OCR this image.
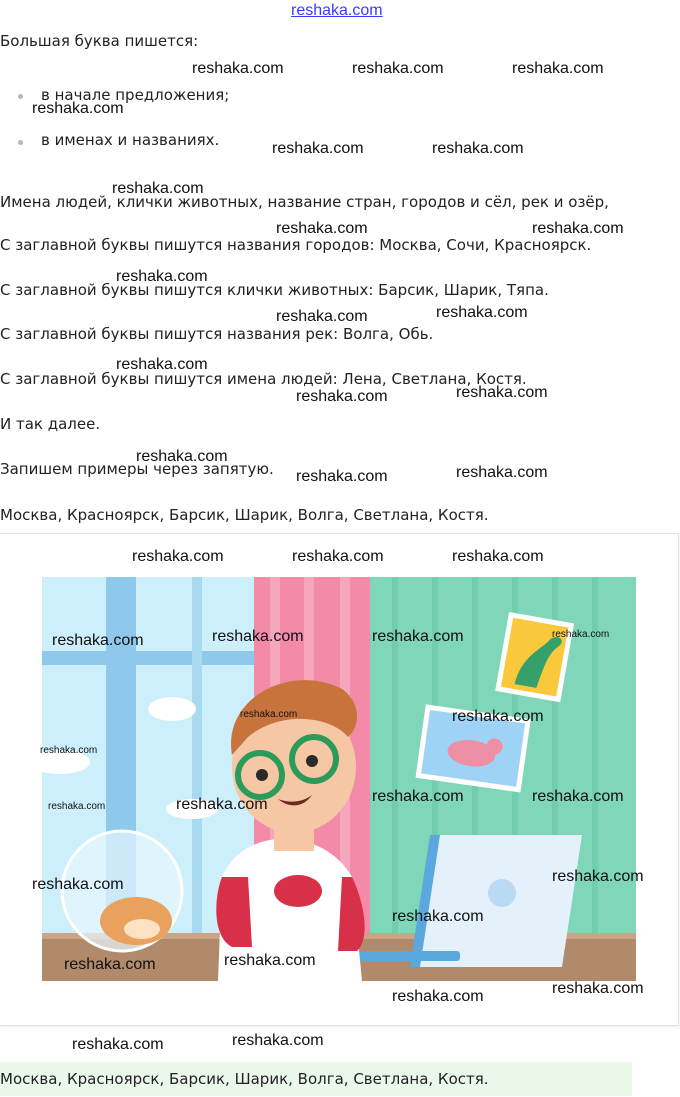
reshaka.com
Большая буква пишется:
в начале предложения;
в именах и названиях.
Имена людей, клички животных, название стран, городов и сёл, рек и озёр,
С заглавной буквы пишутся названия городов: Москва, Сочи, Красноярск.
С заглавной буквы пишутся клички животных: Барсик, Шарик, Тяпа.
С заглавной буквы пишутся названия рек: Волга, Обь.
С заглавной буквы пишутся имена людей: Лена, Светлана, Костя.
И так далее.
Запишем примеры через запятую.
Москва, Красноярск, Барсик, Шарик, Волга, Светлана, Костя.
Москва, Красноярск, Барсик, Шарик, Волга, Светлана, Костя.
reshaka.com	reshaka.com	reshaka.com
reshaka.com
reshaka.com	reshaka.com
reshaka.com
reshaka.com	reshaka.com
reshaka.com
reshaka.com
reshaka.com
reshaka.com
reshaka.com
reshaka.com
reshaka.com
reshaka.com
reshaka.com
reshaka.com	reshaka.com	reshaka.com
reshaka.com	reshaka.com	reshaka.com	reshaka.com
reshaka.com	reshaka.com
reshaka.com
reshaka.com	reshaka.com
reshaka.com	reshaka.com
reshaka.com
reshaka.com
reshaka.com
reshaka.com
reshaka.com
reshaka.com
reshaka.com
reshaka.com
reshaka.com
